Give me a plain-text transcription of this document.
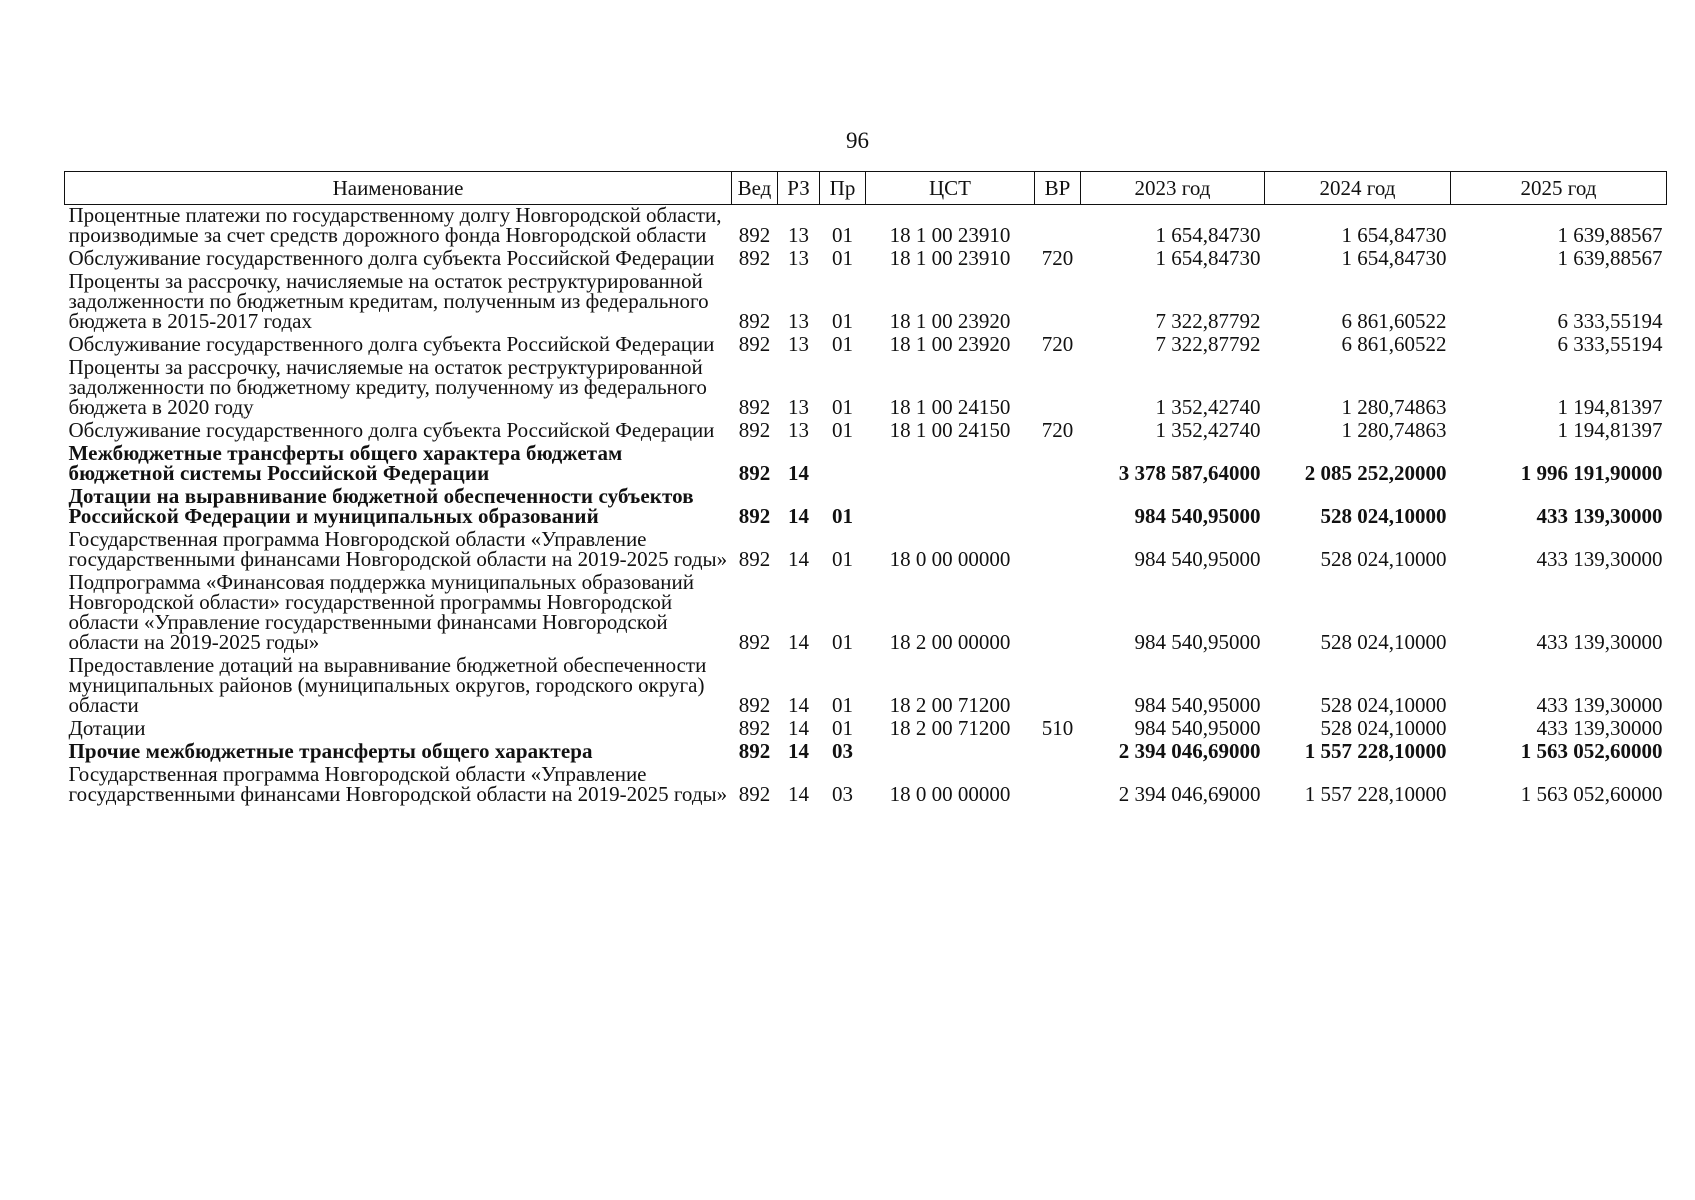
96
Наименование	Вед	РЗ	Пр	ЦСТ	ВР	2023 год	2024 год	2025 год
Процентные платежи по государственному долгу Новгородской области, производимые за счет средств дорожного фонда Новгородской области	892	13	01	18 1 00 23910		1 654,84730	1 654,84730	1 639,88567
Обслуживание государственного долга субъекта Российской Федерации	892	13	01	18 1 00 23910	720	1 654,84730	1 654,84730	1 639,88567
Проценты за рассрочку, начисляемые на остаток реструктурированной задолженности по бюджетным кредитам, полученным из федерального бюджета в 2015-2017 годах	892	13	01	18 1 00 23920		7 322,87792	6 861,60522	6 333,55194
Обслуживание государственного долга субъекта Российской Федерации	892	13	01	18 1 00 23920	720	7 322,87792	6 861,60522	6 333,55194
Проценты за рассрочку, начисляемые на остаток реструктурированной задолженности по бюджетному кредиту, полученному из федерального бюджета в 2020 году	892	13	01	18 1 00 24150		1 352,42740	1 280,74863	1 194,81397
Обслуживание государственного долга субъекта Российской Федерации	892	13	01	18 1 00 24150	720	1 352,42740	1 280,74863	1 194,81397
Межбюджетные трансферты общего характера бюджетам бюджетной системы Российской Федерации	892	14				3 378 587,64000	2 085 252,20000	1 996 191,90000
Дотации на выравнивание бюджетной обеспеченности субъектов Российской Федерации и муниципальных образований	892	14	01			984 540,95000	528 024,10000	433 139,30000
Государственная программа Новгородской области «Управление государственными финансами Новгородской области на 2019-2025 годы»	892	14	01	18 0 00 00000		984 540,95000	528 024,10000	433 139,30000
Подпрограмма «Финансовая поддержка муниципальных образований Новгородской области» государственной программы Новгородской области «Управление государственными финансами Новгородской области на 2019-2025 годы»	892	14	01	18 2 00 00000		984 540,95000	528 024,10000	433 139,30000
Предоставление дотаций на выравнивание бюджетной обеспеченности муниципальных районов (муниципальных округов, городского округа) области	892	14	01	18 2 00 71200		984 540,95000	528 024,10000	433 139,30000
Дотации	892	14	01	18 2 00 71200	510	984 540,95000	528 024,10000	433 139,30000
Прочие межбюджетные трансферты общего характера	892	14	03			2 394 046,69000	1 557 228,10000	1 563 052,60000
Государственная программа Новгородской области «Управление государственными финансами Новгородской области на 2019-2025 годы»	892	14	03	18 0 00 00000		2 394 046,69000	1 557 228,10000	1 563 052,60000
